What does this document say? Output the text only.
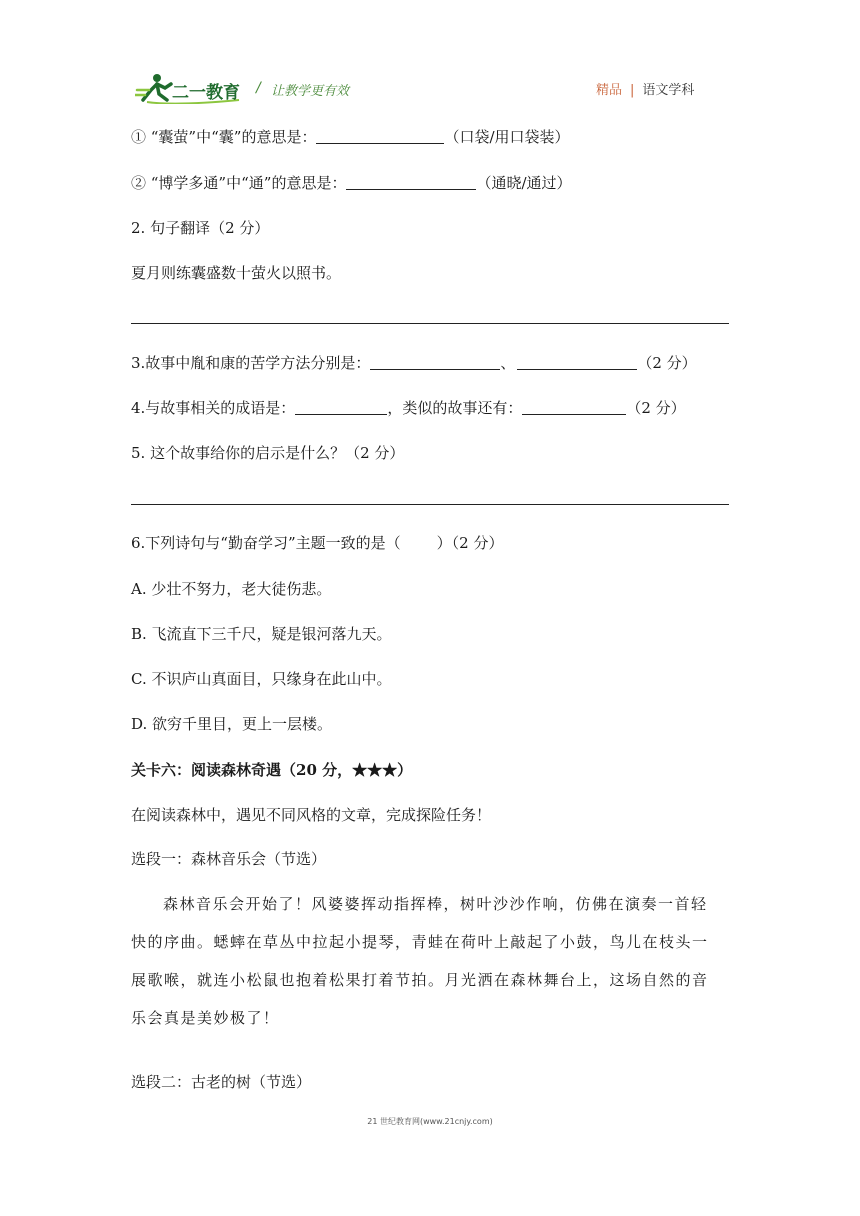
二一教育 / 让教学更有效	精品 | 语文学科
① “囊萤”中“囊”的意思是：	（口袋/用口袋装）
② “博学多通”中“通”的意思是：	（通晓/通过）
2. 句子翻译（2 分）
夏月则练囊盛数十萤火以照书。
3.故事中胤和康的苦学方法分别是：	、	（2 分）
4.与故事相关的成语是：	，类似的故事还有：	（2 分）
5. 这个故事给你的启示是什么？（2 分）
6.下列诗句与“勤奋学习”主题一致的是（ ）（2 分）
A. 少壮不努力，老大徒伤悲。
B. 飞流直下三千尺，疑是银河落九天。
C. 不识庐山真面目，只缘身在此山中。
D. 欲穷千里目，更上一层楼。
关卡六：阅读森林奇遇（20 分，★★★）
在阅读森林中，遇见不同风格的文章，完成探险任务！
选段一：森林音乐会（节选）
森林音乐会开始了！风婆婆挥动指挥棒，树叶沙沙作响，仿佛在演奏一首轻
快的序曲。蟋蟀在草丛中拉起小提琴，青蛙在荷叶上敲起了小鼓，鸟儿在枝头一
展歌喉，就连小松鼠也抱着松果打着节拍。月光洒在森林舞台上，这场自然的音
乐会真是美妙极了！
选段二：古老的树（节选）
21 世纪教育网(www.21cnjy.com)
